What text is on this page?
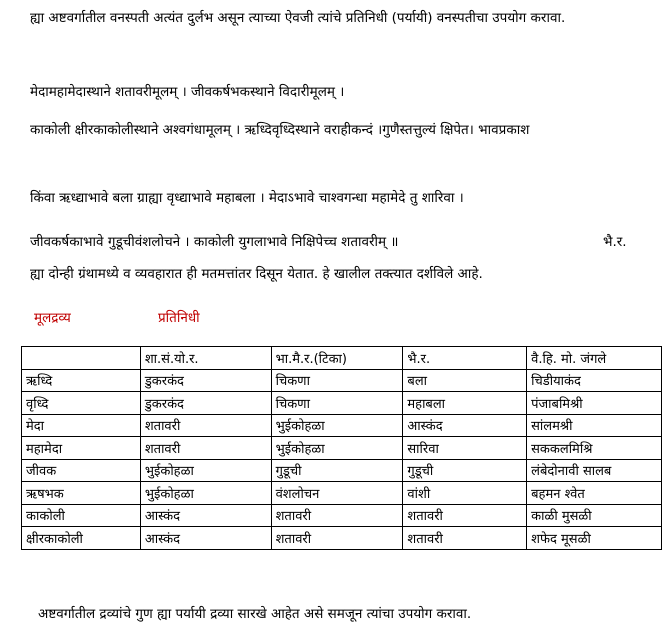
ह्या अष्टवर्गातील वनस्पती अत्यंत दुर्लभ असून त्याच्या ऐवजी त्यांचे प्रतिनिधी (पर्यायी) वनस्पतीचा उपयोग करावा.
मेदामहामेदास्थाने शतावरीमूलम् । जीवकर्षभकस्थाने विदारीमूलम् ।
काकोली क्षीरकाकोलीस्थाने अश्वगंधामूलम् । ऋध्दिवृध्दिस्थाने वराहीकन्दं ।गुणैस्तत्तुल्यं क्षिपेत। भावप्रकाश
किंवा ऋध्द्याभावे बला ग्राह्या वृध्द्याभावे महाबला । मेदाऽभावे चाश्वगन्धा महामेदे तु शारिवा ।
जीवकर्षकाभावे गुडूचीवंशलोचने । काकोली युगलाभावे निक्षिपेच्च शतावरीम् ॥	भै.र.
ह्या दोन्ही ग्रंथामध्ये व व्यवहारात ही मतमत्तांतर दिसून येतात. हे खालील तक्त्यात दर्शविले आहे.
मूलद्रव्य	प्रतिनिधी
	शा.सं.यो.र.	भा.मै.र.(टिका)	भै.र.	वै.हि. मो. जंगले
ऋध्दि	डुकरकंद	चिकणा	बला	चिडीयाकंद
वृध्दि	डुकरकंद	चिकणा	महाबला	पंजाबमिश्री
मेदा	शतावरी	भुईकोहळा	आस्कंद	सांलमश्री
महामेदा	शतावरी	भुईकोहळा	सारिवा	सककलमिश्रि
जीवक	भुईकोहळा	गुडूची	गुडूची	लंबेदोनावी सालब
ऋषभक	भुईकोहळा	वंशलोचन	वांशी	बहमन श्वेत
काकोली	आस्कंद	शतावरी	शतावरी	काळी मुसळी
क्षीरकाकोली	आस्कंद	शतावरी	शतावरी	शफेद मूसळी
अष्टवर्गातील द्रव्यांचे गुण ह्या पर्यायी द्रव्या सारखे आहेत असे समजून त्यांचा उपयोग करावा.
